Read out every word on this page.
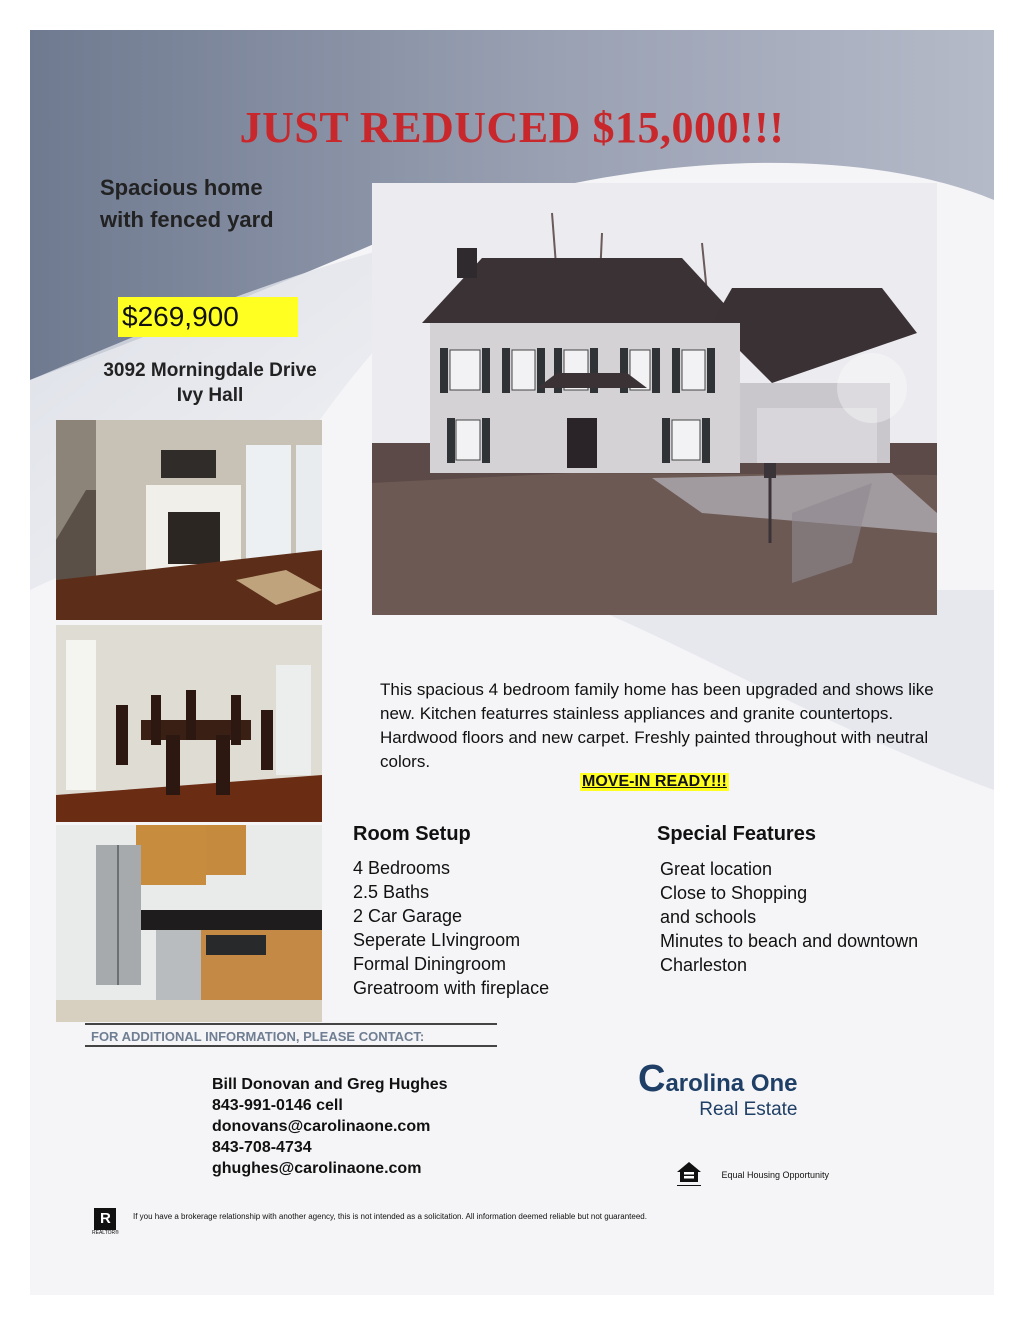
JUST REDUCED $15,000!!!
Spacious home
with fenced yard
$269,900
3092 Morningdale Drive
Ivy Hall
This spacious 4 bedroom family home has been upgraded and shows like new. Kitchen featurres stainless appliances and granite countertops. Hardwood floors and new carpet. Freshly painted throughout with neutral colors.
MOVE-IN READY!!!
Room Setup
4 Bedrooms
2.5 Baths
2 Car Garage
Seperate LIvingroom
Formal Diningroom
Greatroom with fireplace
Special Features
Great location
Close to Shopping
and schools
Minutes to beach and downtown
Charleston
FOR ADDITIONAL INFORMATION, PLEASE CONTACT:
Bill Donovan and Greg Hughes
843-991-0146 cell
donovans@carolinaone.com
843-708-4734
ghughes@carolinaone.com
Carolina One
Real Estate
Equal Housing Opportunity
R
REALTOR®
If you have a brokerage relationship with another agency, this is not intended as a solicitation. All information deemed reliable but not guaranteed.
